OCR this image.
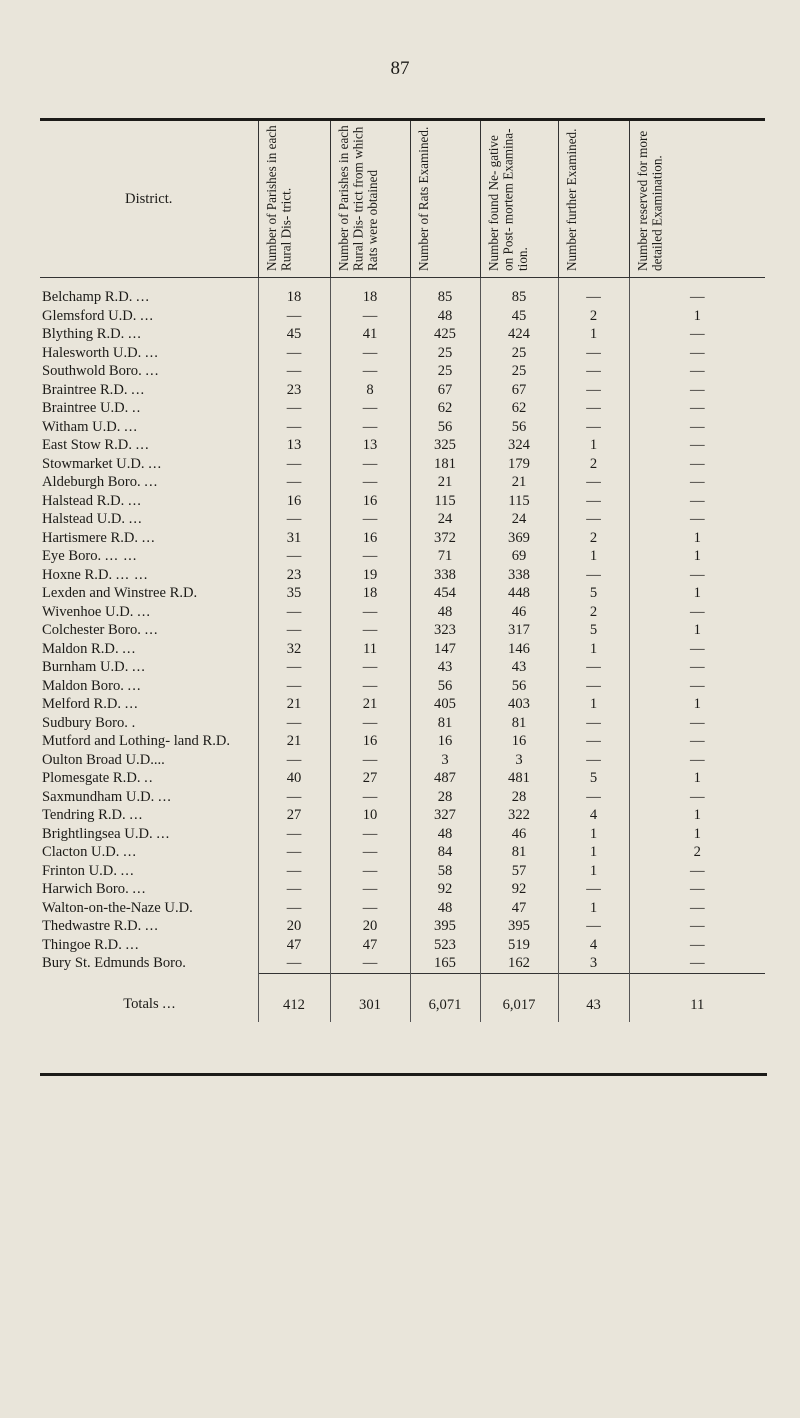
87
District.	Number of Parishes in each Rural Dis- trict.	Number of Parishes in each Rural Dis- trict from which Rats were obtained	Number of Rats Examined.	Number found Ne- gative on Post- mortem Examina- tion.	Number further Examined.	Number reserved for more detailed Examination.

Belchamp R.D. ...	18	18	85	85	—	—
Glemsford U.D. ...	—	—	48	45	2	1
Blything R.D. ...	45	41	425	424	1	—
Halesworth U.D. ...	—	—	25	25	—	—
Southwold Boro. ...	—	—	25	25	—	—
Braintree R.D. ...	23	8	67	67	—	—
Braintree U.D. ..	—	—	62	62	—	—
Witham U.D. ...	—	—	56	56	—	—
East Stow R.D. ...	13	13	325	324	1	—
Stowmarket U.D. ...	—	—	181	179	2	—
Aldeburgh Boro. ...	—	—	21	21	—	—
Halstead R.D. ...	16	16	115	115	—	—
Halstead U.D. ...	—	—	24	24	—	—
Hartismere R.D. ...	31	16	372	369	2	1
Eye Boro. ... ...	—	—	71	69	1	1
Hoxne R.D. ... ...	23	19	338	338	—	—
Lexden and Winstree R.D.	35	18	454	448	5	1
Wivenhoe U.D. ...	—	—	48	46	2	—
Colchester Boro. ...	—	—	323	317	5	1
Maldon R.D. ...	32	11	147	146	1	—
Burnham U.D. ...	—	—	43	43	—	—
Maldon Boro. ...	—	—	56	56	—	—
Melford R.D. ...	21	21	405	403	1	1
Sudbury Boro. .	—	—	81	81	—	—
Mutford and Lothing- land R.D.	21	16	16	16	—	—
Oulton Broad U.D....	—	—	3	3	—	—
Plomesgate R.D. ..	40	27	487	481	5	1
Saxmundham U.D. ...	—	—	28	28	—	—
Tendring R.D. ...	27	10	327	322	4	1
Brightlingsea U.D. ...	—	—	48	46	1	1
Clacton U.D. ...	—	—	84	81	1	2
Frinton U.D. ...	—	—	58	57	1	—
Harwich Boro. ...	—	—	92	92	—	—
Walton-on-the-Naze U.D.	—	—	48	47	1	—
Thedwastre R.D. ...	20	20	395	395	—	—
Thingoe R.D. ...	47	47	523	519	4	—
Bury St. Edmunds Boro.	—	—	165	162	3	—
Totals ...	412	301	6,071	6,017	43	11
